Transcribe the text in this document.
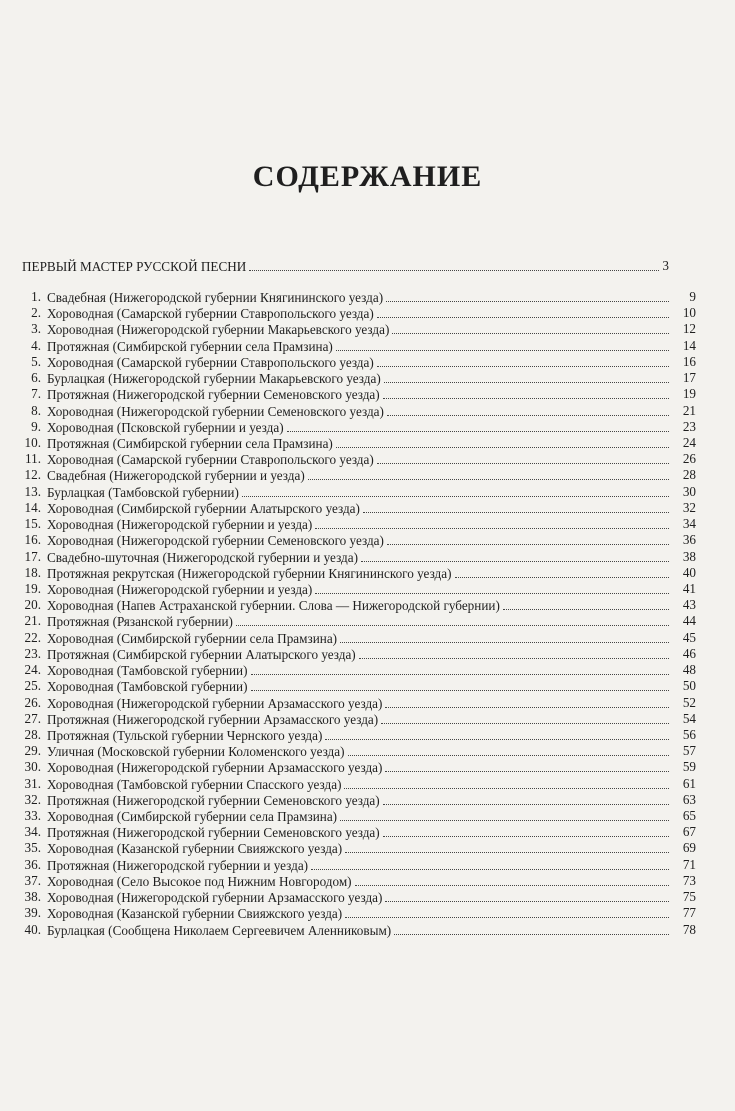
СОДЕРЖАНИЕ
ПЕРВЫЙ МАСТЕР РУССКОЙ ПЕСНИ	3
1. Свадебная (Нижегородской губернии Княгининского уезда)	9
2. Хороводная (Самарской губернии Ставропольского уезда)	10
3. Хороводная (Нижегородской губернии Макарьевского уезда)	12
4. Протяжная (Симбирской губернии села Прамзина)	14
5. Хороводная (Самарской губернии Ставропольского уезда)	16
6. Бурлацкая (Нижегородской губернии Макарьевского уезда)	17
7. Протяжная (Нижегородской губернии Семеновского уезда)	19
8. Хороводная (Нижегородской губернии Семеновского уезда)	21
9. Хороводная (Псковской губернии и уезда)	23
10. Протяжная (Симбирской губернии села Прамзина)	24
11. Хороводная (Самарской губернии Ставропольского уезда)	26
12. Свадебная (Нижегородской губернии и уезда)	28
13. Бурлацкая (Тамбовской губернии)	30
14. Хороводная (Симбирской губернии Алатырского уезда)	32
15. Хороводная (Нижегородской губернии и уезда)	34
16. Хороводная (Нижегородской губернии Семеновского уезда)	36
17. Свадебно-шуточная (Нижегородской губернии и уезда)	38
18. Протяжная рекрутская (Нижегородской губернии Княгининского уезда)	40
19. Хороводная (Нижегородской губернии и уезда)	41
20. Хороводная (Напев Астраханской губернии. Слова — Нижегородской губернии)	43
21. Протяжная (Рязанской губернии)	44
22. Хороводная (Симбирской губернии села Прамзина)	45
23. Протяжная (Симбирской губернии Алатырского уезда)	46
24. Хороводная (Тамбовской губернии)	48
25. Хороводная (Тамбовской губернии)	50
26. Хороводная (Нижегородской губернии Арзамасского уезда)	52
27. Протяжная (Нижегородской губернии Арзамасского уезда)	54
28. Протяжная (Тульской губернии Чернского уезда)	56
29. Уличная (Московской губернии Коломенского уезда)	57
30. Хороводная (Нижегородской губернии Арзамасского уезда)	59
31. Хороводная (Тамбовской губернии Спасского уезда)	61
32. Протяжная (Нижегородской губернии Семеновского уезда)	63
33. Хороводная (Симбирской губернии села Прамзина)	65
34. Протяжная (Нижегородской губернии Семеновского уезда)	67
35. Хороводная (Казанской губернии Свияжского уезда)	69
36. Протяжная (Нижегородской губернии и уезда)	71
37. Хороводная (Село Высокое под Нижним Новгородом)	73
38. Хороводная (Нижегородской губернии Арзамасского уезда)	75
39. Хороводная (Казанской губернии Свияжского уезда)	77
40. Бурлацкая (Сообщена Николаем Сергеевичем Аленниковым)	78
